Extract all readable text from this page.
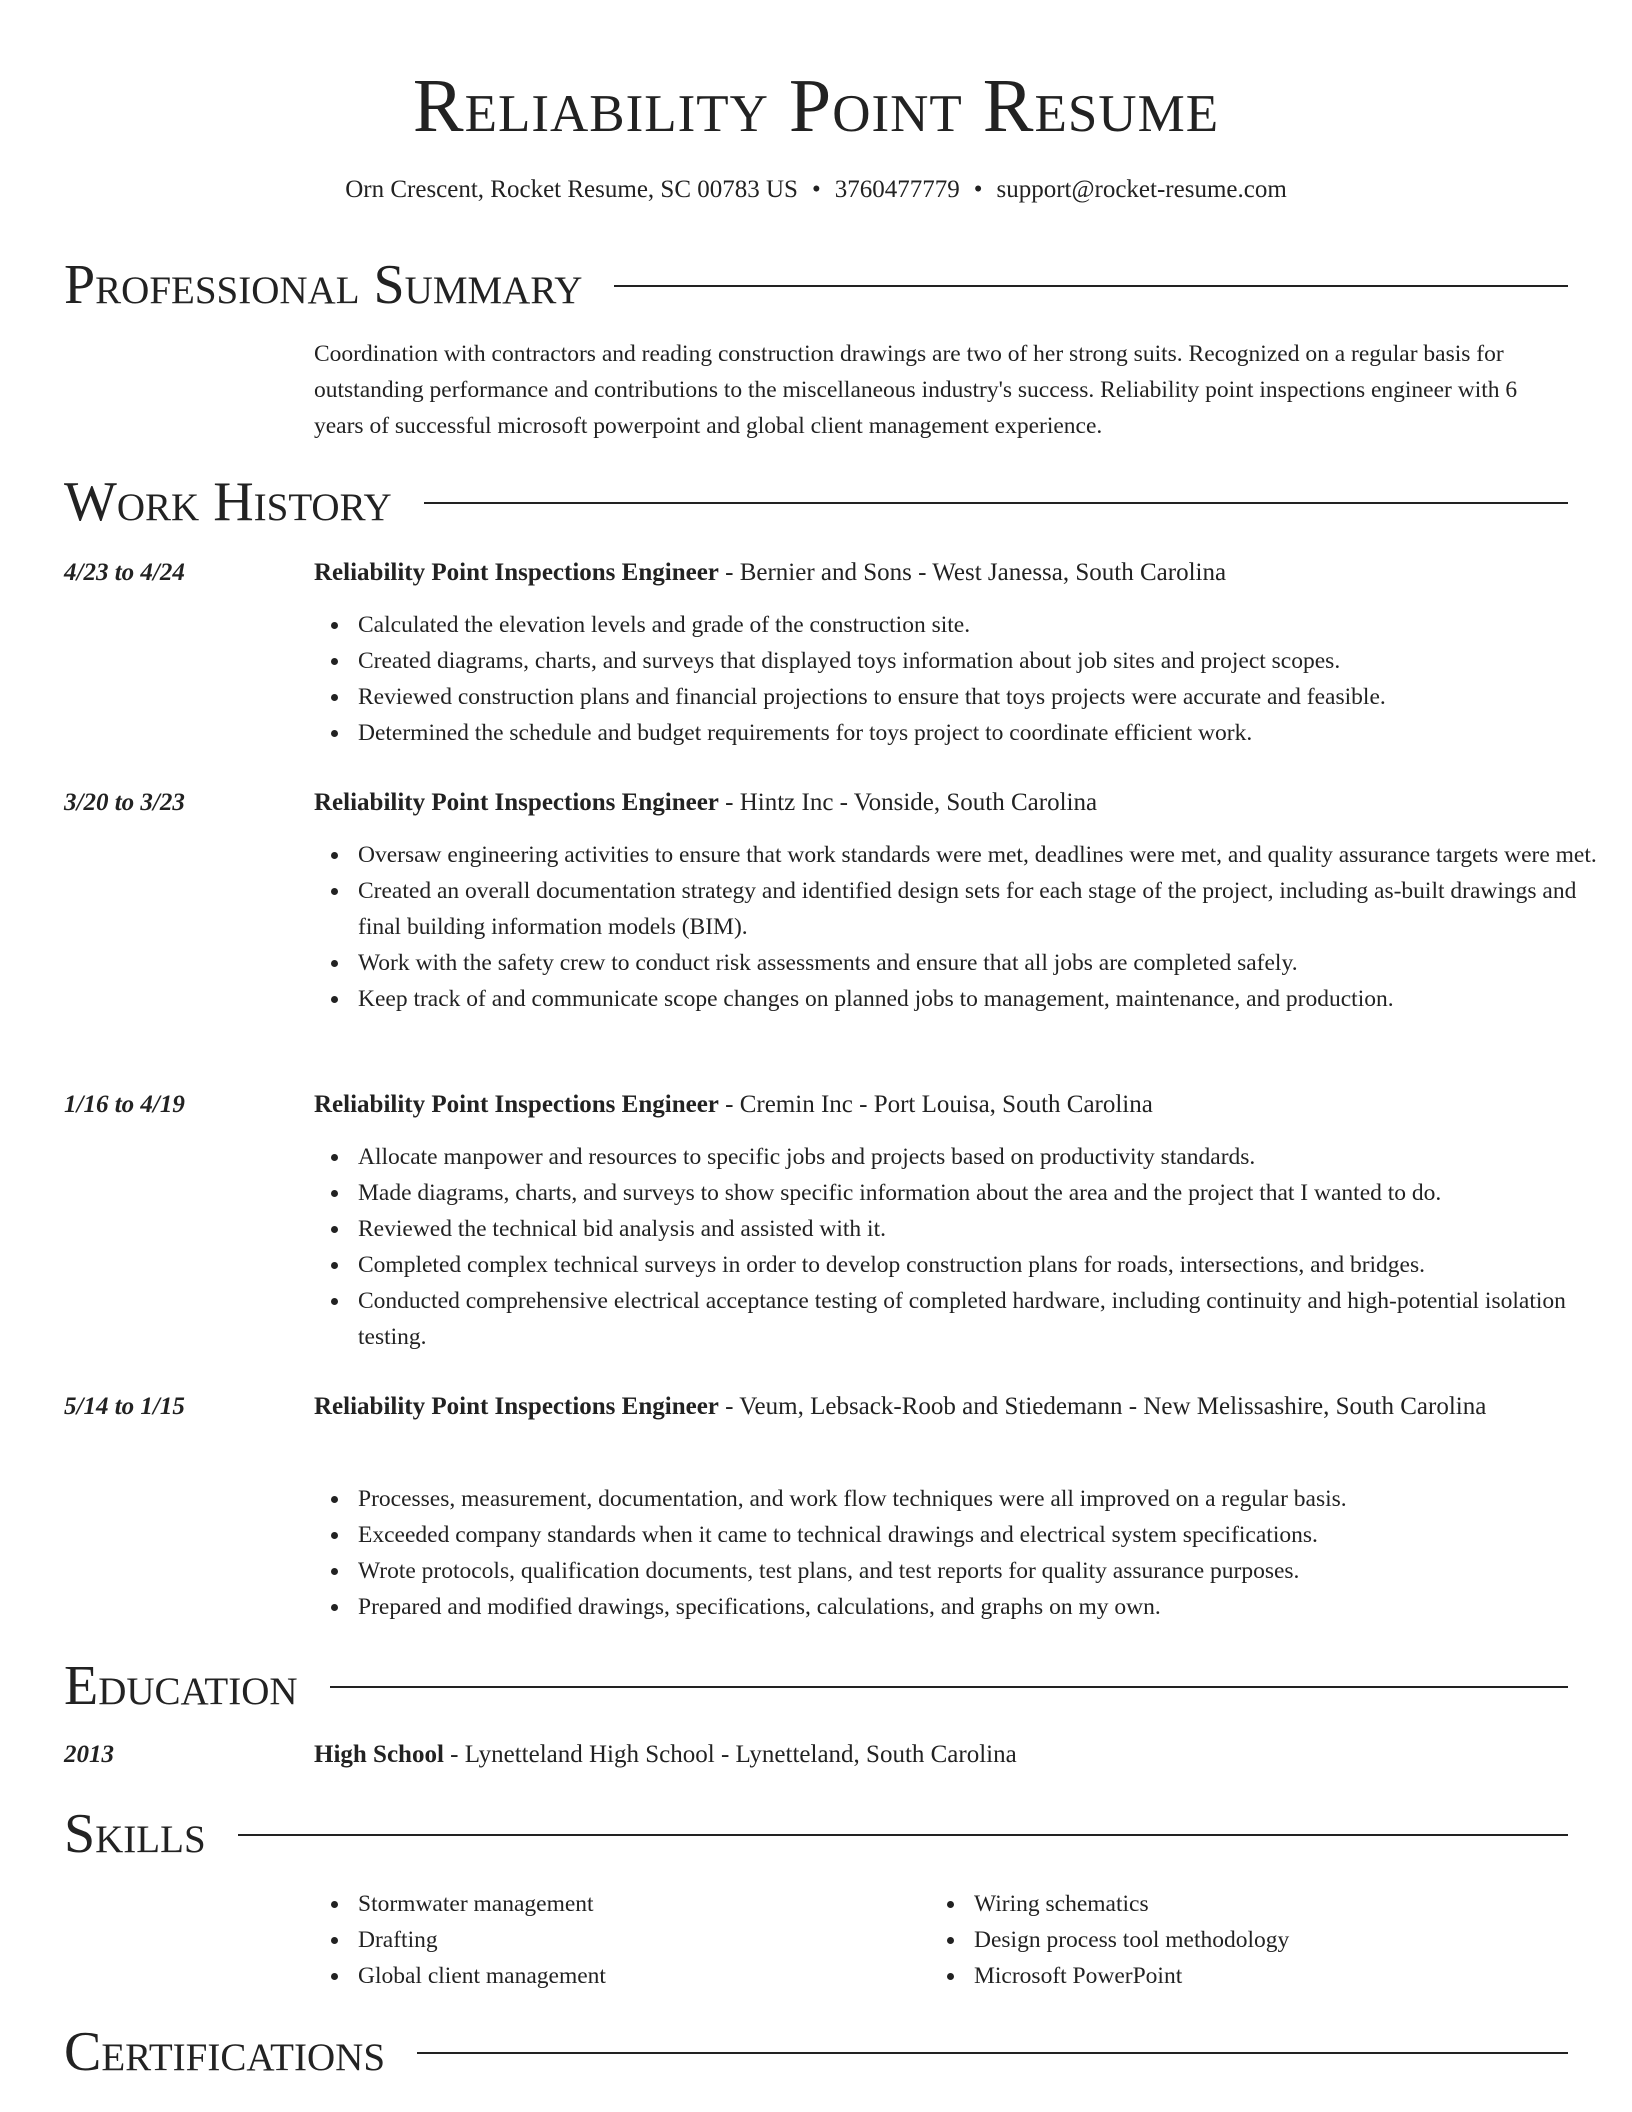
Reliability Point Resume
Orn Crescent, Rocket Resume, SC 00783 US • 3760477779 • support@rocket-resume.com
Professional Summary
Coordination with contractors and reading construction drawings are two of her strong suits. Recognized on a regular basis for outstanding performance and contributions to the miscellaneous industry's success. Reliability point inspections engineer with 6 years of successful microsoft powerpoint and global client management experience.
Work History
4/23 to 4/24	Reliability Point Inspections Engineer - Bernier and Sons - West Janessa, South Carolina
Calculated the elevation levels and grade of the construction site.
Created diagrams, charts, and surveys that displayed toys information about job sites and project scopes.
Reviewed construction plans and financial projections to ensure that toys projects were accurate and feasible.
Determined the schedule and budget requirements for toys project to coordinate efficient work.
3/20 to 3/23	Reliability Point Inspections Engineer - Hintz Inc - Vonside, South Carolina
Oversaw engineering activities to ensure that work standards were met, deadlines were met, and quality assurance targets were met.
Created an overall documentation strategy and identified design sets for each stage of the project, including as-built drawings and final building information models (BIM).
Work with the safety crew to conduct risk assessments and ensure that all jobs are completed safely.
Keep track of and communicate scope changes on planned jobs to management, maintenance, and production.
1/16 to 4/19	Reliability Point Inspections Engineer - Cremin Inc - Port Louisa, South Carolina
Allocate manpower and resources to specific jobs and projects based on productivity standards.
Made diagrams, charts, and surveys to show specific information about the area and the project that I wanted to do.
Reviewed the technical bid analysis and assisted with it.
Completed complex technical surveys in order to develop construction plans for roads, intersections, and bridges.
Conducted comprehensive electrical acceptance testing of completed hardware, including continuity and high-potential isolation testing.
5/14 to 1/15	Reliability Point Inspections Engineer - Veum, Lebsack-Roob and Stiedemann - New Melissashire, South Carolina
Processes, measurement, documentation, and work flow techniques were all improved on a regular basis.
Exceeded company standards when it came to technical drawings and electrical system specifications.
Wrote protocols, qualification documents, test plans, and test reports for quality assurance purposes.
Prepared and modified drawings, specifications, calculations, and graphs on my own.
Education
2013	High School - Lynetteland High School - Lynetteland, South Carolina
Skills
Stormwater management
Drafting
Global client management
Wiring schematics
Design process tool methodology
Microsoft PowerPoint
Certifications
